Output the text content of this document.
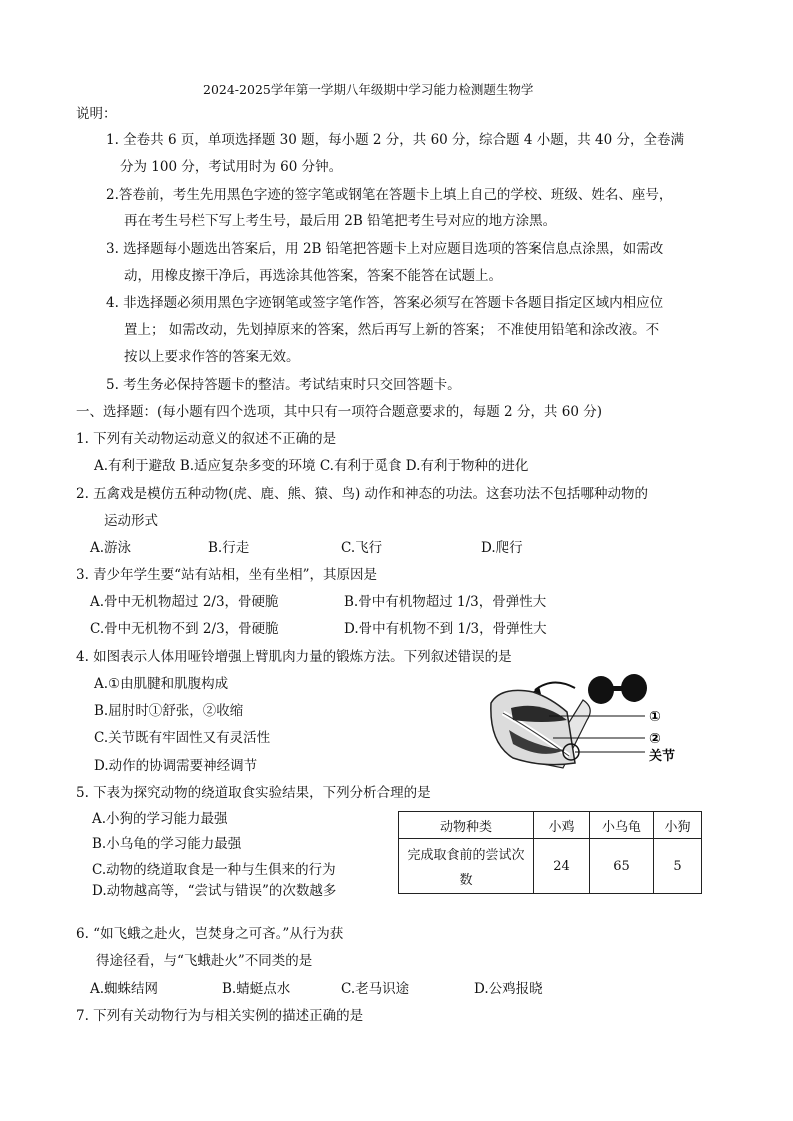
2024-2025学年第一学期八年级期中学习能力检测题生物学
说明：
1. 全卷共 6 页，单项选择题 30 题，每小题 2 分，共 60 分，综合题 4 小题，共 40 分，全卷满
分为 100 分，考试用时为 60 分钟。
2.答卷前，考生先用黑色字迹的签字笔或钢笔在答题卡上填上自己的学校、班级、姓名、座号，
再在考生号栏下写上考生号，最后用 2B 铅笔把考生号对应的地方涂黑。
3. 选择题每小题选出答案后，用 2B 铅笔把答题卡上对应题目选项的答案信息点涂黑，如需改
动，用橡皮擦干净后，再选涂其他答案，答案不能答在试题上。
4. 非选择题必须用黑色字迹钢笔或签字笔作答，答案必须写在答题卡各题目指定区域内相应位
置上； 如需改动，先划掉原来的答案，然后再写上新的答案； 不准使用铅笔和涂改液。不
按以上要求作答的答案无效。
5. 考生务必保持答题卡的整洁。考试结束时只交回答题卡。
一、选择题：(每小题有四个选项，其中只有一项符合题意要求的，每题 2 分，共 60 分)
1. 下列有关动物运动意义的叙述不正确的是
A.有利于避敌 B.适应复杂多变的环境 C.有利于觅食 D.有利于物种的进化
2. 五禽戏是模仿五种动物(虎、鹿、熊、猿、鸟) 动作和神态的功法。这套功法不包括哪种动物的
运动形式
A.游泳	B.行走	C.飞行	D.爬行
3. 青少年学生要“站有站相，坐有坐相”，其原因是
A.骨中无机物超过 2/3，骨硬脆	B.骨中有机物超过 1/3，骨弹性大
C.骨中无机物不到 2/3，骨硬脆	D.骨中有机物不到 1/3，骨弹性大
4. 如图表示人体用哑铃增强上臂肌肉力量的锻炼方法。下列叙述错误的是
A.①由肌腱和肌腹构成
B.屈肘时①舒张，②收缩
C.关节既有牢固性又有灵活性
D.动作的协调需要神经调节
①
②
关节
5. 下表为探究动物的绕道取食实验结果，下列分析合理的是
A.小狗的学习能力最强
B.小乌龟的学习能力最强
C.动物的绕道取食是一种与生俱来的行为
D.动物越高等，“尝试与错误”的次数越多
动物种类	小鸡	小乌龟	小狗

完成取食前的尝试次
数	24	65	5
6. “如飞蛾之赴火，岂焚身之可吝。”从行为获
得途径看，与“飞蛾赴火”不同类的是
A.蜘蛛结网	B.蜻蜓点水	C.老马识途	D.公鸡报晓
7. 下列有关动物行为与相关实例的描述正确的是
